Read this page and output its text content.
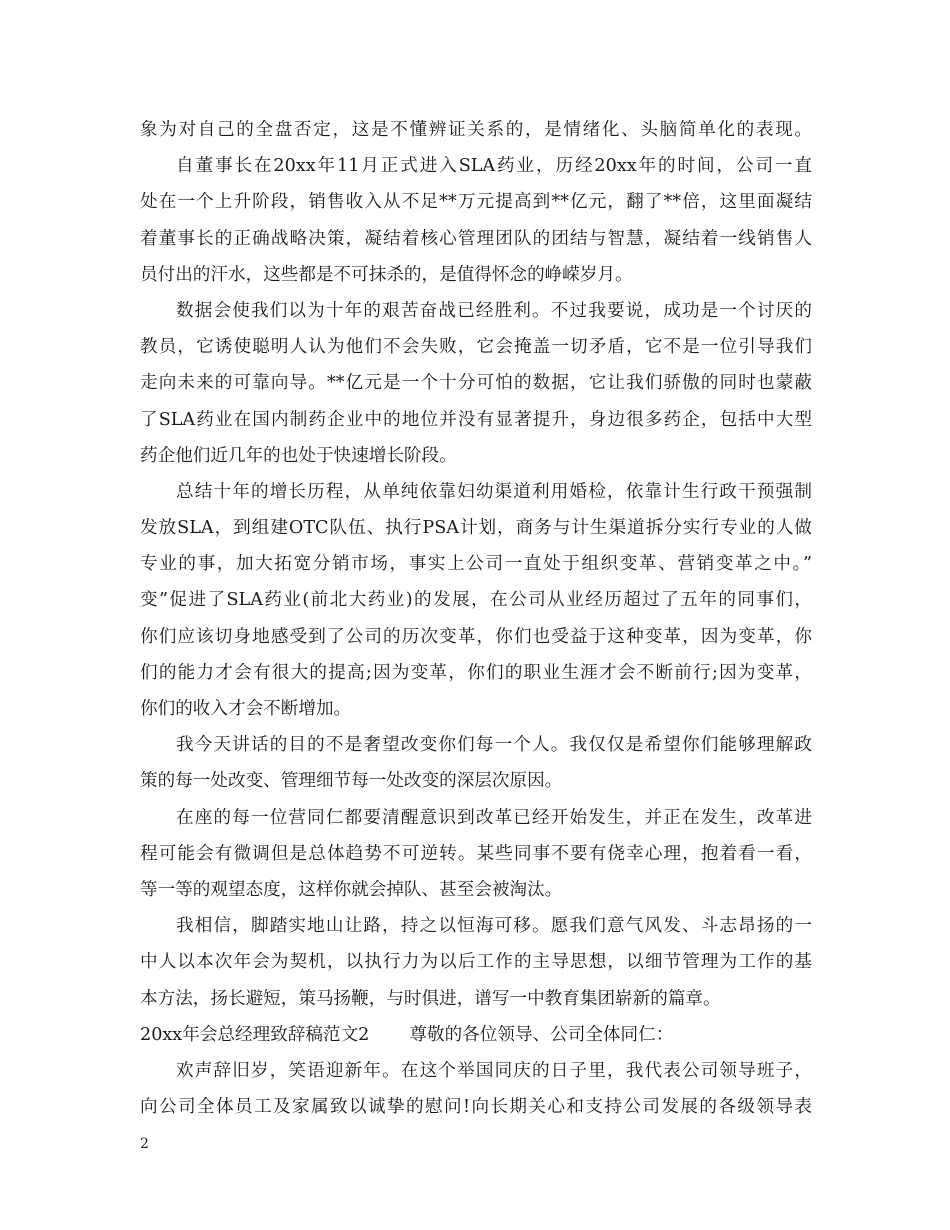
象为对自己的全盘否定，这是不懂辨证关系的，是情绪化、头脑简单化的表现。
自董事长在20xx年11月正式进入SLA药业，历经20xx年的时间，公司一直
处在一个上升阶段，销售收入从不足**万元提高到**亿元，翻了**倍，这里面凝结
着董事长的正确战略决策，凝结着核心管理团队的团结与智慧，凝结着一线销售人
员付出的汗水，这些都是不可抹杀的，是值得怀念的峥嵘岁月。
数据会使我们以为十年的艰苦奋战已经胜利。不过我要说，成功是一个讨厌的
教员，它诱使聪明人认为他们不会失败，它会掩盖一切矛盾，它不是一位引导我们
走向未来的可靠向导。**亿元是一个十分可怕的数据，它让我们骄傲的同时也蒙蔽
了SLA药业在国内制药企业中的地位并没有显著提升，身边很多药企，包括中大型
药企他们近几年的也处于快速增长阶段。
总结十年的增长历程，从单纯依靠妇幼渠道利用婚检，依靠计生行政干预强制
发放SLA，到组建OTC队伍、执行PSA计划，商务与计生渠道拆分实行专业的人做
专业的事，加大拓宽分销市场，事实上公司一直处于组织变革、营销变革之中。”
变”促进了SLA药业(前北大药业)的发展，在公司从业经历超过了五年的同事们，
你们应该切身地感受到了公司的历次变革，你们也受益于这种变革，因为变革，你
们的能力才会有很大的提高;因为变革，你们的职业生涯才会不断前行;因为变革，
你们的收入才会不断增加。
我今天讲话的目的不是奢望改变你们每一个人。我仅仅是希望你们能够理解政
策的每一处改变、管理细节每一处改变的深层次原因。
在座的每一位营同仁都要清醒意识到改革已经开始发生，并正在发生，改革进
程可能会有微调但是总体趋势不可逆转。某些同事不要有侥幸心理，抱着看一看，
等一等的观望态度，这样你就会掉队、甚至会被淘汰。
我相信，脚踏实地山让路，持之以恒海可移。愿我们意气风发、斗志昂扬的一
中人以本次年会为契机，以执行力为以后工作的主导思想，以细节管理为工作的基
本方法，扬长避短，策马扬鞭，与时俱进，谱写一中教育集团崭新的篇章。
20xx年会总经理致辞稿范文2 尊敬的各位领导、公司全体同仁：
欢声辞旧岁，笑语迎新年。在这个举国同庆的日子里，我代表公司领导班子，
向公司全体员工及家属致以诚挚的慰问!向长期关心和支持公司发展的各级领导表
2
